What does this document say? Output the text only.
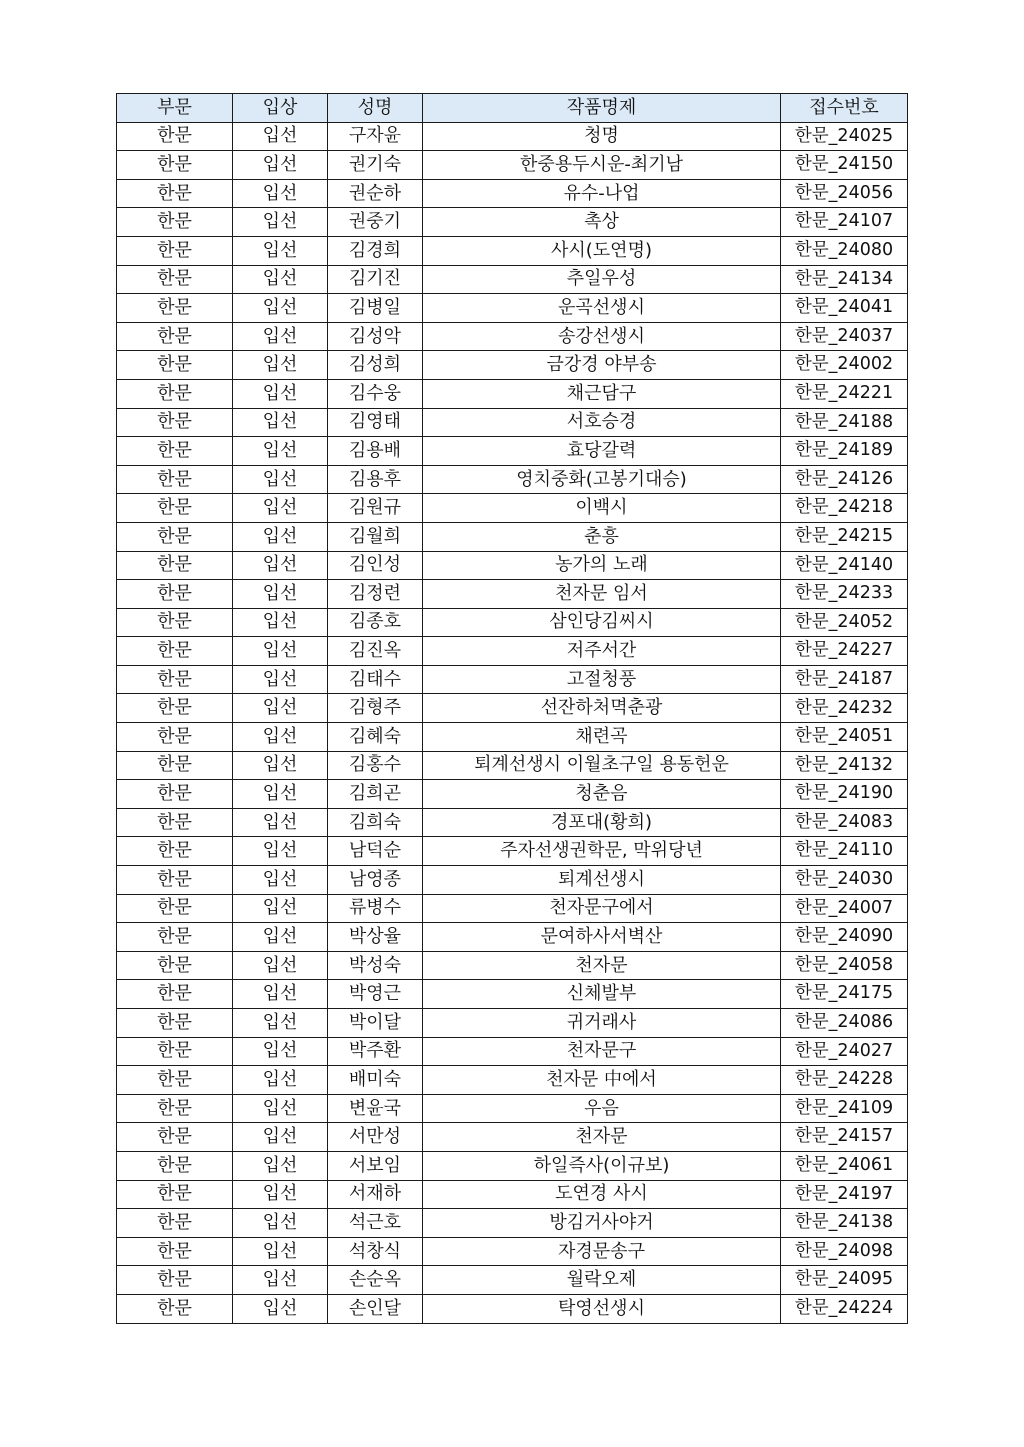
부문	입상	성명	작품명제	접수번호
한문	입선	구자윤	청명	한문_24025
한문	입선	권기숙	한중용두시운-최기남	한문_24150
한문	입선	권순하	유수-나업	한문_24056
한문	입선	권중기	촉상	한문_24107
한문	입선	김경희	사시(도연명)	한문_24080
한문	입선	김기진	추일우성	한문_24134
한문	입선	김병일	운곡선생시	한문_24041
한문	입선	김성악	송강선생시	한문_24037
한문	입선	김성희	금강경 야부송	한문_24002
한문	입선	김수웅	채근담구	한문_24221
한문	입선	김영태	서호승경	한문_24188
한문	입선	김용배	효당갈력	한문_24189
한문	입선	김용후	영치중화(고봉기대승)	한문_24126
한문	입선	김원규	이백시	한문_24218
한문	입선	김월희	춘흥	한문_24215
한문	입선	김인성	농가의 노래	한문_24140
한문	입선	김정련	천자문 임서	한문_24233
한문	입선	김종호	삼인당김씨시	한문_24052
한문	입선	김진옥	저주서간	한문_24227
한문	입선	김태수	고절청풍	한문_24187
한문	입선	김형주	선잔하처멱춘광	한문_24232
한문	입선	김혜숙	채련곡	한문_24051
한문	입선	김홍수	퇴계선생시 이월초구일 용동헌운	한문_24132
한문	입선	김희곤	청춘음	한문_24190
한문	입선	김희숙	경포대(황희)	한문_24083
한문	입선	남덕순	주자선생권학문, 막위당년	한문_24110
한문	입선	남영종	퇴계선생시	한문_24030
한문	입선	류병수	천자문구에서	한문_24007
한문	입선	박상율	문여하사서벽산	한문_24090
한문	입선	박성숙	천자문	한문_24058
한문	입선	박영근	신체발부	한문_24175
한문	입선	박이달	귀거래사	한문_24086
한문	입선	박주환	천자문구	한문_24027
한문	입선	배미숙	천자문 中에서	한문_24228
한문	입선	변윤국	우음	한문_24109
한문	입선	서만성	천자문	한문_24157
한문	입선	서보임	하일즉사(이규보)	한문_24061
한문	입선	서재하	도연경 사시	한문_24197
한문	입선	석근호	방김거사야거	한문_24138
한문	입선	석창식	자경문송구	한문_24098
한문	입선	손순옥	월락오제	한문_24095
한문	입선	손인달	탁영선생시	한문_24224
